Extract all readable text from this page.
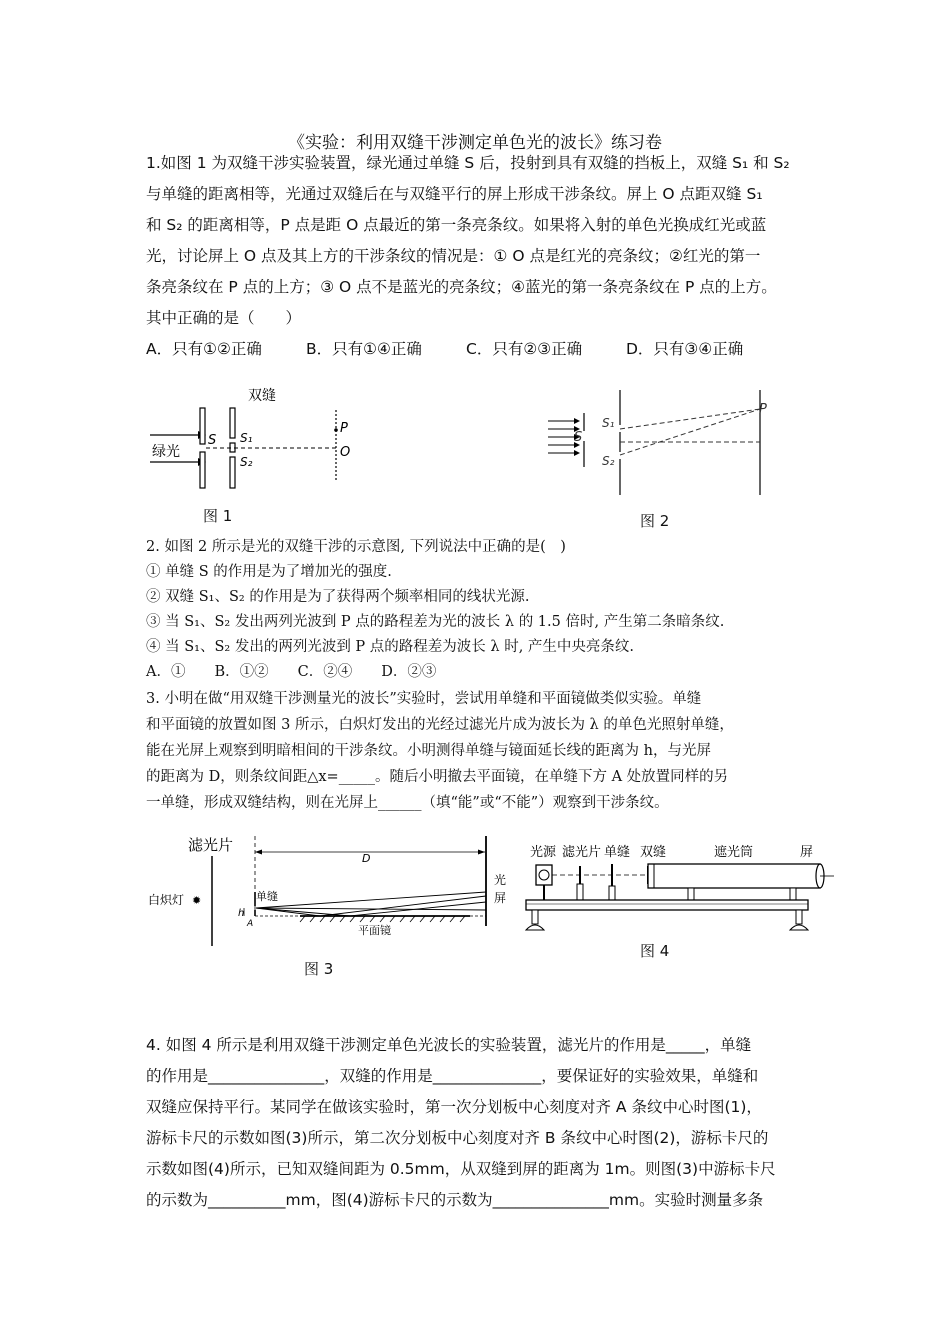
《实验：利用双缝干涉测定单色光的波长》练习卷
1.如图 1 为双缝干涉实验装置，绿光通过单缝 S 后，投射到具有双缝的挡板上，双缝 S₁ 和 S₂
与单缝的距离相等，光通过双缝后在与双缝平行的屏上形成干涉条纹。屏上 O 点距双缝 S₁
和 S₂ 的距离相等，P 点是距 O 点最近的第一条亮条纹。如果将入射的单色光换成红光或蓝
光，讨论屏上 O 点及其上方的干涉条纹的情况是：① O 点是红光的亮条纹；②红光的第一
条亮条纹在 P 点的上方；③ O 点不是蓝光的亮条纹；④蓝光的第一条亮条纹在 P 点的上方。
其中正确的是（　　）
A．只有①②正确	B．只有①④正确	C．只有②③正确	D．只有③④正确
双缝
绿光
S S₁
S₂
P
O
图 1
S
S₁
S₂
P
图 2
2. 如图 2 所示是光的双缝干涉的示意图, 下列说法中正确的是(　)
① 单缝 S 的作用是为了增加光的强度.
② 双缝 S₁、S₂ 的作用是为了获得两个频率相同的线状光源.
③ 当 S₁、S₂ 发出两列光波到 P 点的路程差为光的波长 λ 的 1.5 倍时, 产生第二条暗条纹.
④ 当 S₁、S₂ 发出的两列光波到 P 点的路程差为波长 λ 时, 产生中央亮条纹.
A．①　　B．①②　　C．②④　　D．②③
3. 小明在做“用双缝干涉测量光的波长”实验时，尝试用单缝和平面镜做类似实验。单缝
和平面镜的放置如图 3 所示，白炽灯发出的光经过滤光片成为波长为 λ 的单色光照射单缝，
能在光屏上观察到明暗相间的干涉条纹。小明测得单缝与镜面延长线的距离为 h，与光屏
的距离为 D，则条纹间距△x=_____。随后小明撤去平面镜，在单缝下方 A 处放置同样的另
一单缝，形成双缝结构，则在光屏上______（填“能”或“不能”）观察到干涉条纹。
滤光片
白炽灯 ✹
D
光
屏
单缝
h
A	平面镜
图 3
光源 滤光片 单缝 双缝	遮光筒	屏
图 4
4. 如图 4 所示是利用双缝干涉测定单色光波长的实验装置，滤光片的作用是_____，单缝
的作用是_______________，双缝的作用是______________，要保证好的实验效果，单缝和
双缝应保持平行。某同学在做该实验时，第一次分划板中心刻度对齐 A 条纹中心时图(1)，
游标卡尺的示数如图(3)所示，第二次分划板中心刻度对齐 B 条纹中心时图(2)，游标卡尺的
示数如图(4)所示，已知双缝间距为 0.5mm，从双缝到屏的距离为 1m。则图(3)中游标卡尺
的示数为__________mm，图(4)游标卡尺的示数为_______________mm。实验时测量多条
